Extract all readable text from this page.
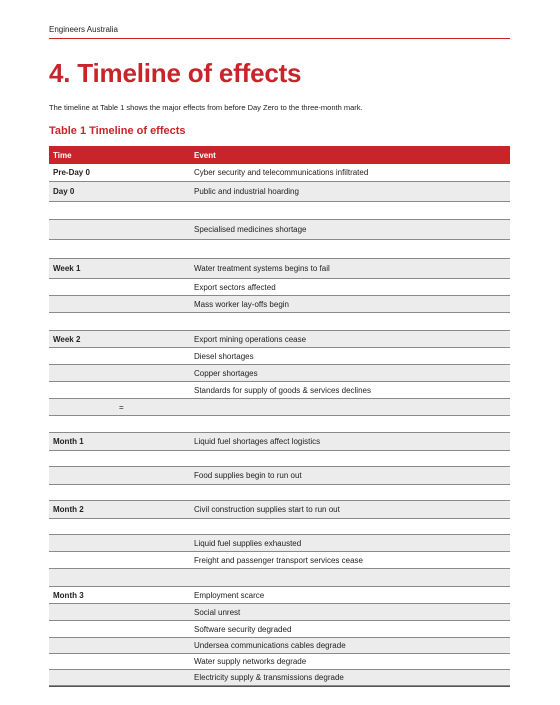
Engineers Australia
4. Timeline of effects
The timeline at Table 1 shows the major effects from before Day Zero to the three-month mark.
Table 1 Timeline of effects
Time	Event
Pre-Day 0	Cyber security and telecommunications infiltrated
Day 0	Public and industrial hoarding
Specialised medicines shortage
Week 1	Water treatment systems begins to fail
Export sectors affected
Mass worker lay-offs begin
Week 2	Export mining operations cease
Diesel shortages
Copper shortages
Standards for supply of goods & services declines
=
Month 1	Liquid fuel shortages affect logistics
Food supplies begin to run out
Month 2	Civil construction supplies start to run out
Liquid fuel supplies exhausted
Freight and passenger transport services cease
Month 3	Employment scarce
Social unrest
Software security degraded
Undersea communications cables degrade
Water supply networks degrade
Electricity supply & transmissions degrade
